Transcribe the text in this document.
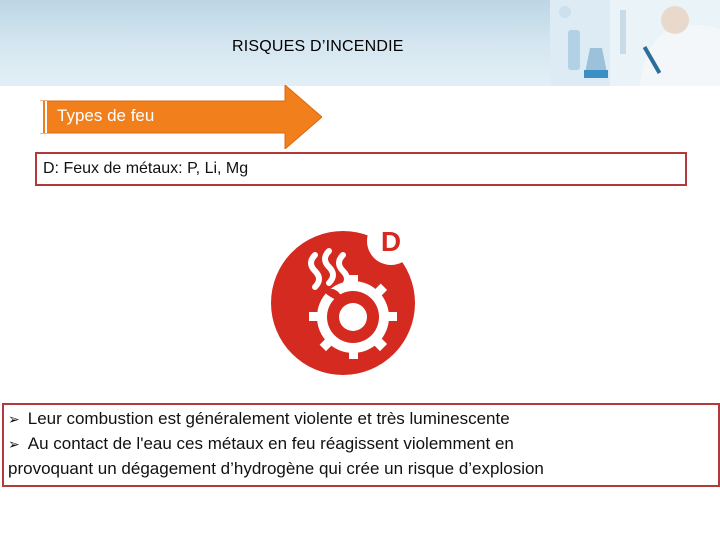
RISQUES D’INCENDIE
Types de feu
D: Feux de métaux: P, Li, Mg
D
➢ Leur combustion est généralement violente et très luminescente
➢ Au contact de l'eau ces métaux en feu réagissent violemment en
provoquant un dégagement d’hydrogène qui crée un risque d’explosion
